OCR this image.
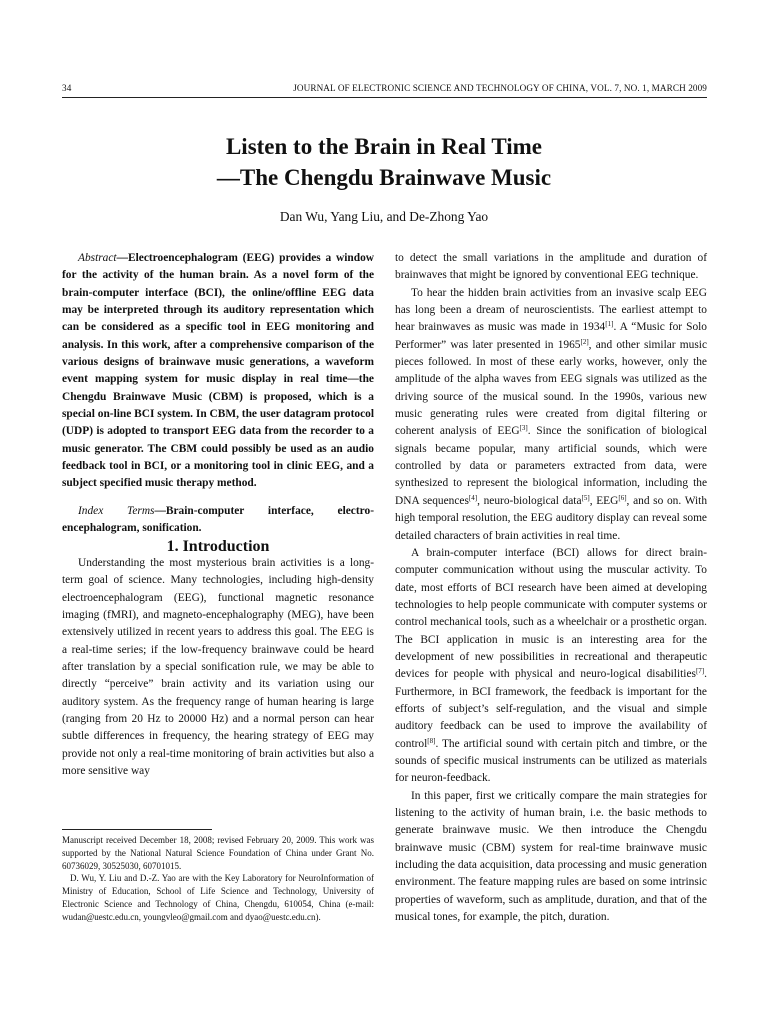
34	JOURNAL OF ELECTRONIC SCIENCE AND TECHNOLOGY OF CHINA, VOL. 7, NO. 1, MARCH 2009
Listen to the Brain in Real Time
—The Chengdu Brainwave Music
Dan Wu, Yang Liu, and De-Zhong Yao

Abstract—Electroencephalogram (EEG) provides a window for the activity of the human brain. As a novel form of the brain-computer interface (BCI), the online/offline EEG data may be interpreted through its auditory representation which can be considered as a specific tool in EEG monitoring and analysis. In this work, after a comprehensive comparison of the various designs of brainwave music generations, a waveform event mapping system for music display in real time—the Chengdu Brainwave Music (CBM) is proposed, which is a special on-line BCI system. In CBM, the user datagram protocol (UDP) is adopted to transport EEG data from the recorder to a music generator. The CBM could possibly be used as an audio feedback tool in BCI, or a monitoring tool in clinic EEG, and a subject specified music therapy method.

Index Terms—Brain-computer interface, electro-encephalogram, sonification.

1. Introduction

Understanding the most mysterious brain activities is a long-term goal of science. Many technologies, including high-density electroencephalogram (EEG), functional magnetic resonance imaging (fMRI), and magneto-encephalography (MEG), have been extensively utilized in recent years to address this goal. The EEG is a real-time series; if the low-frequency brainwave could be heard after translation by a special sonification rule, we may be able to directly “perceive” brain activity and its variation using our auditory system. As the frequency range of human hearing is large (ranging from 20 Hz to 20000 Hz) and a normal person can hear subtle differences in frequency, the hearing strategy of EEG may provide not only a real-time monitoring of brain activities but also a more sensitive way

Manuscript received December 18, 2008; revised February 20, 2009. This work was supported by the National Natural Science Foundation of China under Grant No. 60736029, 30525030, 60701015.

D. Wu, Y. Liu and D.-Z. Yao are with the Key Laboratory for NeuroInformation of Ministry of Education, School of Life Science and Technology, University of Electronic Science and Technology of China, Chengdu, 610054, China (e-mail: wudan@uestc.edu.cn, youngvleo@gmail.com and dyao@uestc.edu.cn).

to detect the small variations in the amplitude and duration of brainwaves that might be ignored by conventional EEG technique.

To hear the hidden brain activities from an invasive scalp EEG has long been a dream of neuroscientists. The earliest attempt to hear brainwaves as music was made in 1934[1]. A “Music for Solo Performer” was later presented in 1965[2], and other similar music pieces followed. In most of these early works, however, only the amplitude of the alpha waves from EEG signals was utilized as the driving source of the musical sound. In the 1990s, various new music generating rules were created from digital filtering or coherent analysis of EEG[3]. Since the sonification of biological signals became popular, many artificial sounds, which were controlled by data or parameters extracted from data, were synthesized to represent the biological information, including the DNA sequences[4], neuro-biological data[5], EEG[6], and so on. With high temporal resolution, the EEG auditory display can reveal some detailed characters of brain activities in real time.

A brain-computer interface (BCI) allows for direct brain-computer communication without using the muscular activity. To date, most efforts of BCI research have been aimed at developing technologies to help people communicate with computer systems or control mechanical tools, such as a wheelchair or a prosthetic organ. The BCI application in music is an interesting area for the development of new possibilities in recreational and therapeutic devices for people with physical and neuro-logical disabilities[7]. Furthermore, in BCI framework, the feedback is important for the efforts of subject’s self-regulation, and the visual and simple auditory feedback can be used to improve the availability of control[8]. The artificial sound with certain pitch and timbre, or the sounds of specific musical instruments can be utilized as materials for neuron-feedback.

In this paper, first we critically compare the main strategies for listening to the activity of human brain, i.e. the basic methods to generate brainwave music. We then introduce the Chengdu brainwave music (CBM) system for real-time brainwave music including the data acquisition, data processing and music generation environment. The feature mapping rules are based on some intrinsic properties of waveform, such as amplitude, duration, and that of the musical tones, for example, the pitch, duration.
